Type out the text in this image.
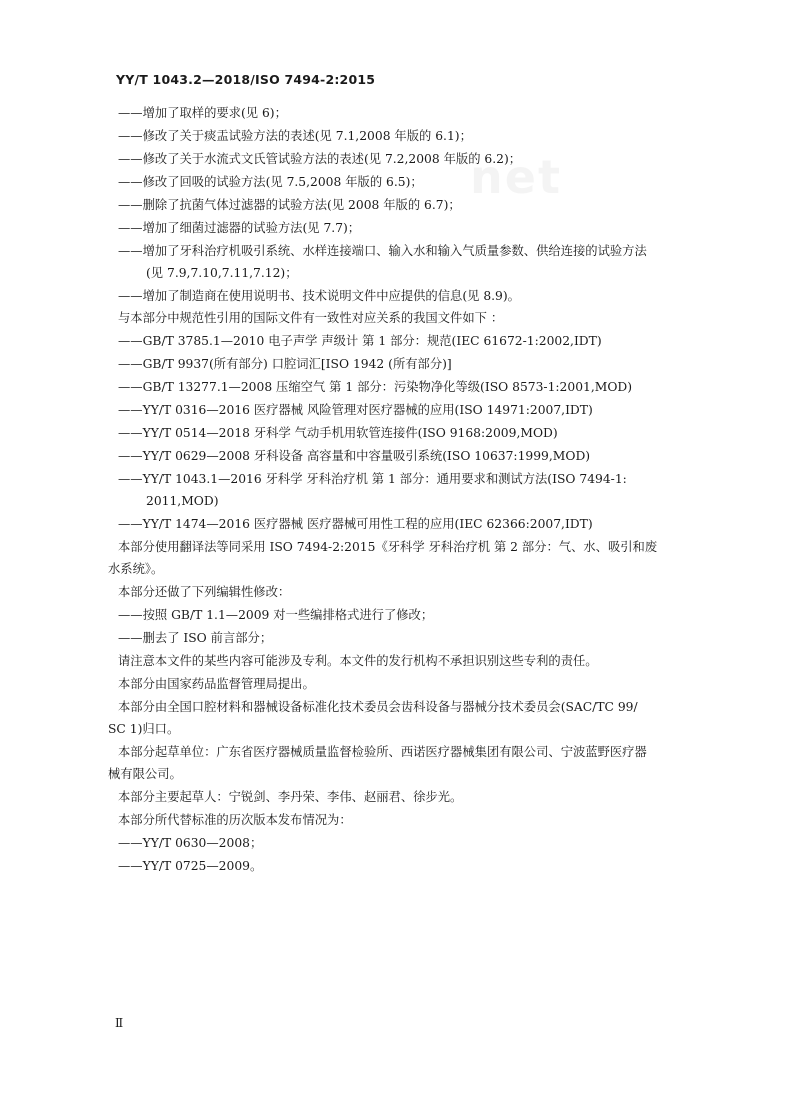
YY/T 1043.2—2018/ISO 7494-2:2015
net
——增加了取样的要求(见 6)；
——修改了关于痰盂试验方法的表述(见 7.1,2008 年版的 6.1)；
——修改了关于水流式文氏管试验方法的表述(见 7.2,2008 年版的 6.2)；
——修改了回吸的试验方法(见 7.5,2008 年版的 6.5)；
——删除了抗菌气体过滤器的试验方法(见 2008 年版的 6.7)；
——增加了细菌过滤器的试验方法(见 7.7)；
——增加了牙科治疗机吸引系统、水样连接端口、输入水和输入气质量参数、供给连接的试验方法
(见 7.9,7.10,7.11,7.12)；
——增加了制造商在使用说明书、技术说明文件中应提供的信息(见 8.9)。
与本部分中规范性引用的国际文件有一致性对应关系的我国文件如下 ：
——GB/T 3785.1—2010 电子声学 声级计 第 1 部分：规范(IEC 61672-1:2002,IDT)
——GB/T 9937(所有部分) 口腔词汇[ISO 1942 (所有部分)]
——GB/T 13277.1—2008 压缩空气 第 1 部分：污染物净化等级(ISO 8573-1:2001,MOD)
——YY/T 0316—2016 医疗器械 风险管理对医疗器械的应用(ISO 14971:2007,IDT)
——YY/T 0514—2018 牙科学 气动手机用软管连接件(ISO 9168:2009,MOD)
——YY/T 0629—2008 牙科设备 高容量和中容量吸引系统(ISO 10637:1999,MOD)
——YY/T 1043.1—2016 牙科学 牙科治疗机 第 1 部分：通用要求和测试方法(ISO 7494-1:
2011,MOD)
——YY/T 1474—2016 医疗器械 医疗器械可用性工程的应用(IEC 62366:2007,IDT)
本部分使用翻译法等同采用 ISO 7494-2:2015《牙科学 牙科治疗机 第 2 部分：气、水、吸引和废
水系统》。
本部分还做了下列编辑性修改：
——按照 GB/T 1.1—2009 对一些编排格式进行了修改；
——删去了 ISO 前言部分；
请注意本文件的某些内容可能涉及专利。本文件的发行机构不承担识别这些专利的责任。
本部分由国家药品监督管理局提出。
本部分由全国口腔材料和器械设备标准化技术委员会齿科设备与器械分技术委员会(SAC/TC 99/
SC 1)归口。
本部分起草单位：广东省医疗器械质量监督检验所、西诺医疗器械集团有限公司、宁波蓝野医疗器
械有限公司。
本部分主要起草人：宁锐剑、李丹荣、李伟、赵丽君、徐步光。
本部分所代替标准的历次版本发布情况为：
——YY/T 0630—2008；
——YY/T 0725—2009。
Ⅱ
